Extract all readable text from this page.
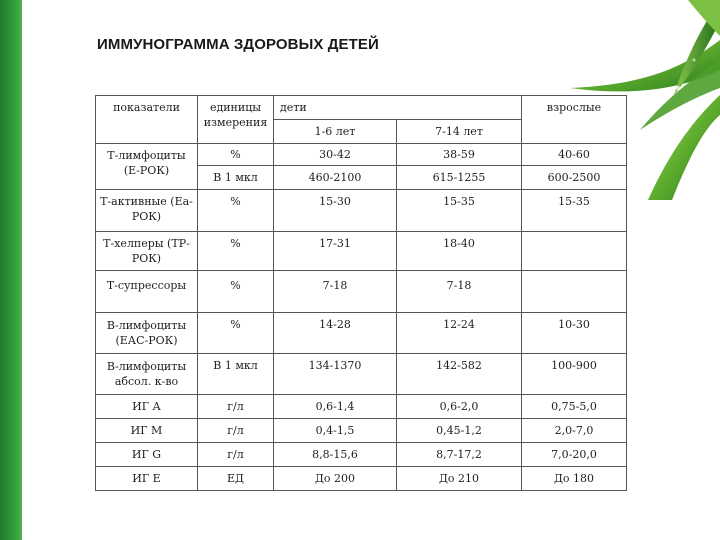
ИММУНОГРАММА ЗДОРОВЫХ ДЕТЕЙ
показатели	единицы измерения	дети		взрослые
		1-6 лет	7-14 лет	
Т-лимфоциты (Е-РОК)	%	30-42	38-59	40-60
	В 1 мкл	460-2100	615-1255	600-2500
Т-активные (Еа-РОК)	%	15-30	15-35	15-35
Т-хелперы (ТР-РОК)	%	17-31	18-40	
Т-супрессоры	%	7-18	7-18	
В-лимфоциты (ЕАС-РОК)	%	14-28	12-24	10-30
В-лимфоциты абсол. к-во	В 1 мкл	134-1370	142-582	100-900
ИГ А	г/л	0,6-1,4	0,6-2,0	0,75-5,0
ИГ М	г/л	0,4-1,5	0,45-1,2	2,0-7,0
ИГ G	г/л	8,8-15,6	8,7-17,2	7,0-20,0
ИГ Е	ЕД	До 200	До 210	До 180
